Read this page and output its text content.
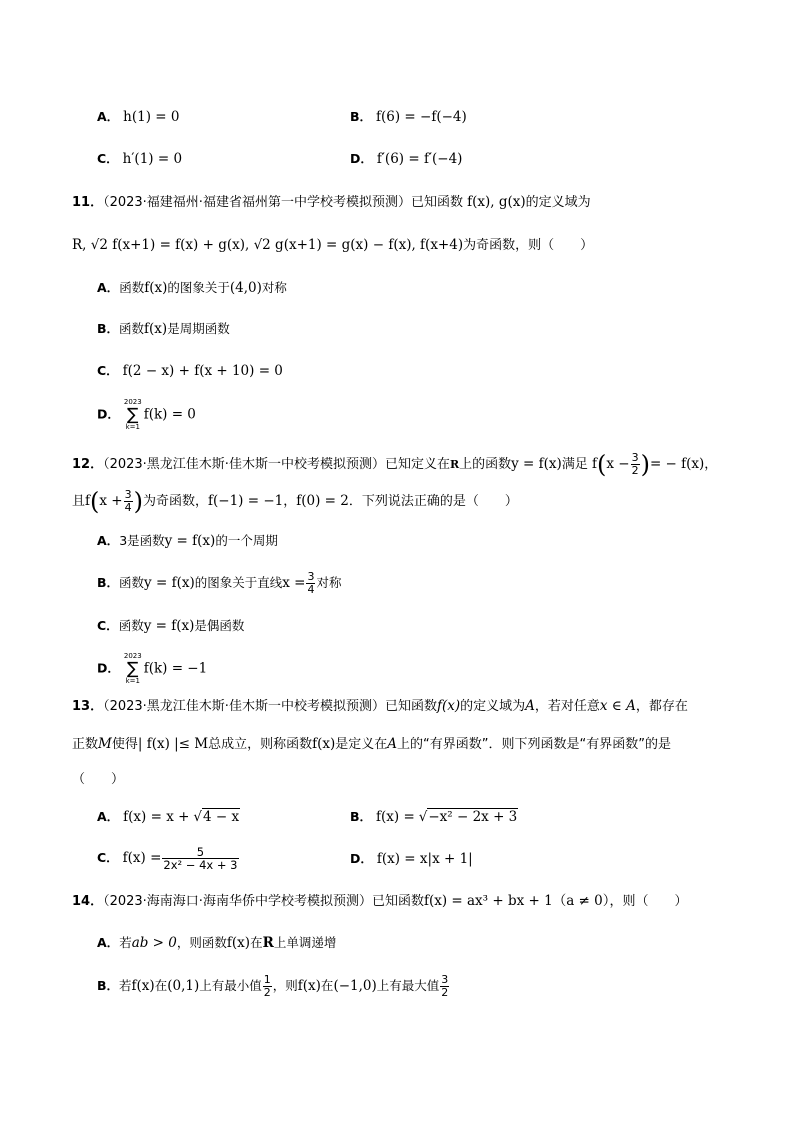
A． h(1) = 0	B． f(6) = −f(−4)
C． h′(1) = 0	D． f′(6) = f′(−4)
11．（2023·福建福州·福建省福州第一中学校考模拟预测）已知函数 f(x), g(x)的定义域为
R, √2 f(x+1) = f(x) + g(x), √2 g(x+1) = g(x) − f(x), f(x+4)为奇函数，则（　　）
A．函数f(x)的图象关于(4,0)对称
B．函数f(x)是周期函数
C． f(2 − x) + f(x + 10) = 0
D． 2023
∑
k=1f(k) = 0
12．（2023·黑龙江佳木斯·佳木斯一中校考模拟预测）已知定义在R上的函数y = f(x)满足 $f(x - \frac{3}{2}$ )= − f(x)，
且$f(x + \frac{3}{4}$ )为奇函数，f(−1) = −1，f(0) = 2．下列说法正确的是（　　）
A．3是函数y = f(x)的一个周期
B．函数y = f(x)的图象关于直线$x = \frac{3}{4}$ 对称
C．函数y = f(x)是偶函数
D． 2023
∑
k=1f(k) = −1
13．（2023·黑龙江佳木斯·佳木斯一中校考模拟预测）已知函数f(x)的定义域为A，若对任意x ∈ A，都存在
正数M使得| f(x) |≤ M总成立，则称函数f(x)是定义在A上的“有界函数”．则下列函数是“有界函数”的是
（　　）
A． f(x) = x + √4 − x	B． f(x) = √−x² − 2x + 3
C． $f(x) = \frac{5}{\text{2x² − 4x + 3}}$	D． f(x) = x|x + 1|
14．（2023·海南海口·海南华侨中学校考模拟预测）已知函数f(x) = ax³ + bx + 1（a ≠ 0），则（　　）
A．若ab > 0，则函数f(x)在R上单调递增
B．若f(x)在(0,1)上有最小值 $\frac{1}{2}$ ，则f(x)在(−1,0)上有最大值 $\frac{3}{2}$
